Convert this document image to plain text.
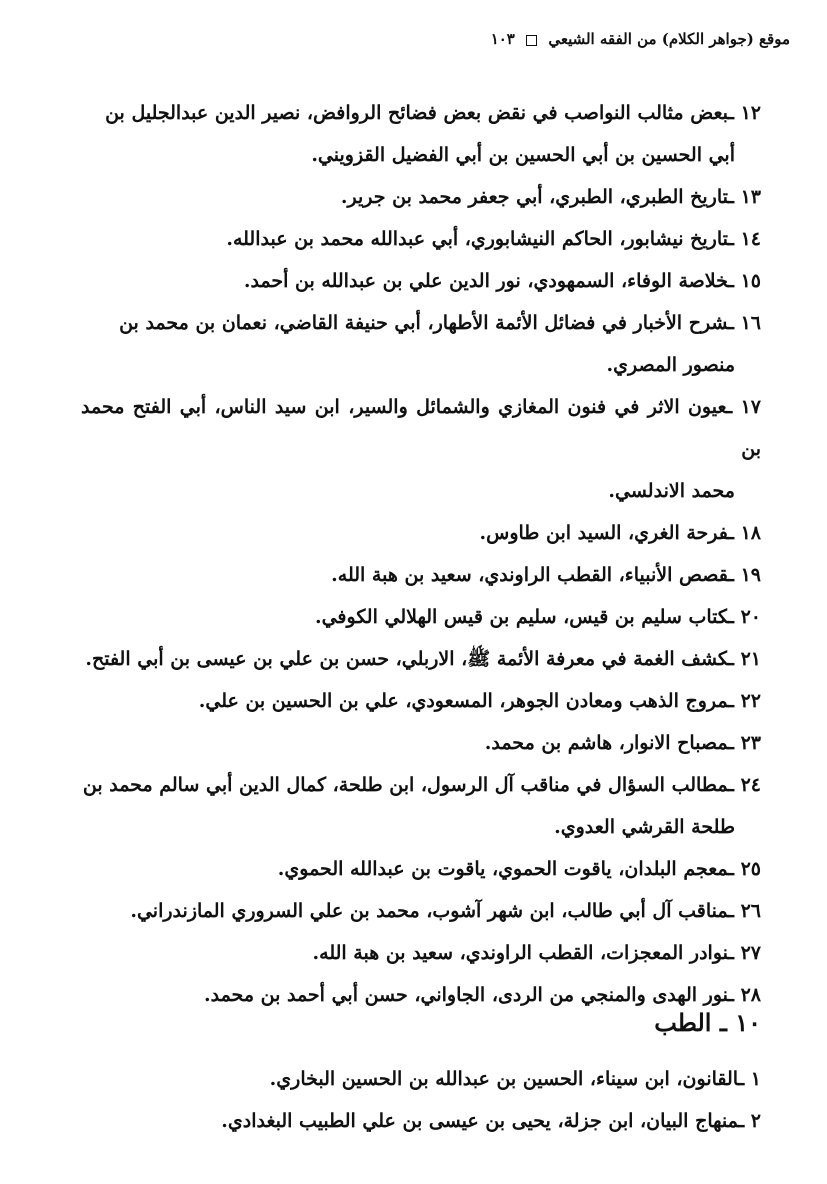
موقع (جواهر الكلام) من الفقه الشيعي  ١٠٣
١٢ ـبعض مثالب النواصب في نقض بعض فضائح الروافض، نصير الدين عبدالجليل بن
أبي الحسين بن أبي الحسين بن أبي الفضيل القزويني.
١٣ ـتاريخ الطبري، الطبري، أبي جعفر محمد بن جرير.
١٤ ـتاريخ نيشابور، الحاكم النيشابوري، أبي عبدالله محمد بن عبدالله.
١٥ ـخلاصة الوفاء، السمهودي، نور الدين علي بن عبدالله بن أحمد.
١٦ ـشرح الأخبار في فضائل الأئمة الأطهار، أبي حنيفة القاضي، نعمان بن محمد بن
منصور المصري.
١٧ ـعيون الاثر في فنون المغازي والشمائل والسير، ابن سيد الناس، أبي الفتح محمد بن
محمد الاندلسي.
١٨ ـفرحة الغري، السيد ابن طاوس.
١٩ ـقصص الأنبياء، القطب الراوندي، سعيد بن هبة الله.
٢٠ ـكتاب سليم بن قيس، سليم بن قيس الهلالي الكوفي.
٢١ ـكشف الغمة في معرفة الأئمة ﷺ، الاربلي، حسن بن علي بن عيسى بن أبي الفتح.
٢٢ ـمروج الذهب ومعادن الجوهر، المسعودي، علي بن الحسين بن علي.
٢٣ ـمصباح الانوار، هاشم بن محمد.
٢٤ ـمطالب السؤال في مناقب آل الرسول، ابن طلحة، كمال الدين أبي سالم محمد بن
طلحة القرشي العدوي.
٢٥ ـمعجم البلدان، ياقوت الحموي، ياقوت بن عبدالله الحموي.
٢٦ ـمناقب آل أبي طالب، ابن شهر آشوب، محمد بن علي السروري المازندراني.
٢٧ ـنوادر المعجزات، القطب الراوندي، سعيد بن هبة الله.
٢٨ ـنور الهدى والمنجي من الردى، الجاواني، حسن أبي أحمد بن محمد.
١٠ ـ الطب
١ ـالقانون، ابن سيناء، الحسين بن عبدالله بن الحسين البخاري.
٢ ـمنهاج البيان، ابن جزلة، يحيى بن عيسى بن علي الطبيب البغدادي.
